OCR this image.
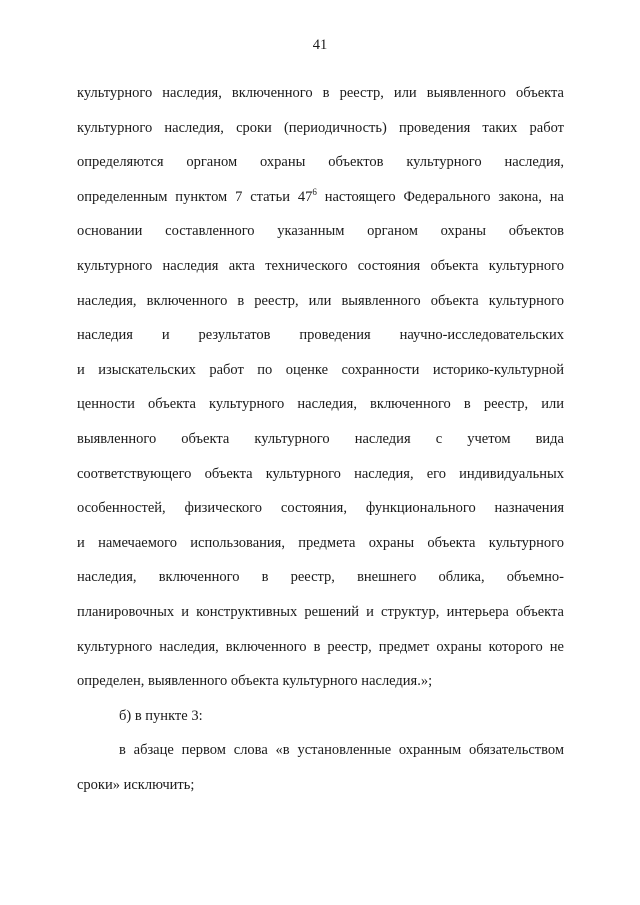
41
культурного наследия, включенного в реестр, или выявленного объекта
культурного наследия, сроки (периодичность) проведения таких работ
определяются органом охраны объектов культурного наследия,
определенным пунктом 7 статьи $47^6$ настоящего Федерального закона, на
основании составленного указанным органом охраны объектов
культурного наследия акта технического состояния объекта культурного
наследия, включенного в реестр, или выявленного объекта культурного
наследия и результатов проведения научно-исследовательских
и изыскательских работ по оценке сохранности историко-культурной
ценности объекта культурного наследия, включенного в реестр, или
выявленного объекта культурного наследия с учетом вида
соответствующего объекта культурного наследия, его индивидуальных
особенностей, физического состояния, функционального назначения
и намечаемого использования, предмета охраны объекта культурного
наследия, включенного в реестр, внешнего облика, объемно-
планировочных и конструктивных решений и структур, интерьера объекта
культурного наследия, включенного в реестр, предмет охраны которого не
определен, выявленного объекта культурного наследия.»;
б) в пункте 3:
в абзаце первом слова «в установленные охранным обязательством
сроки» исключить;
